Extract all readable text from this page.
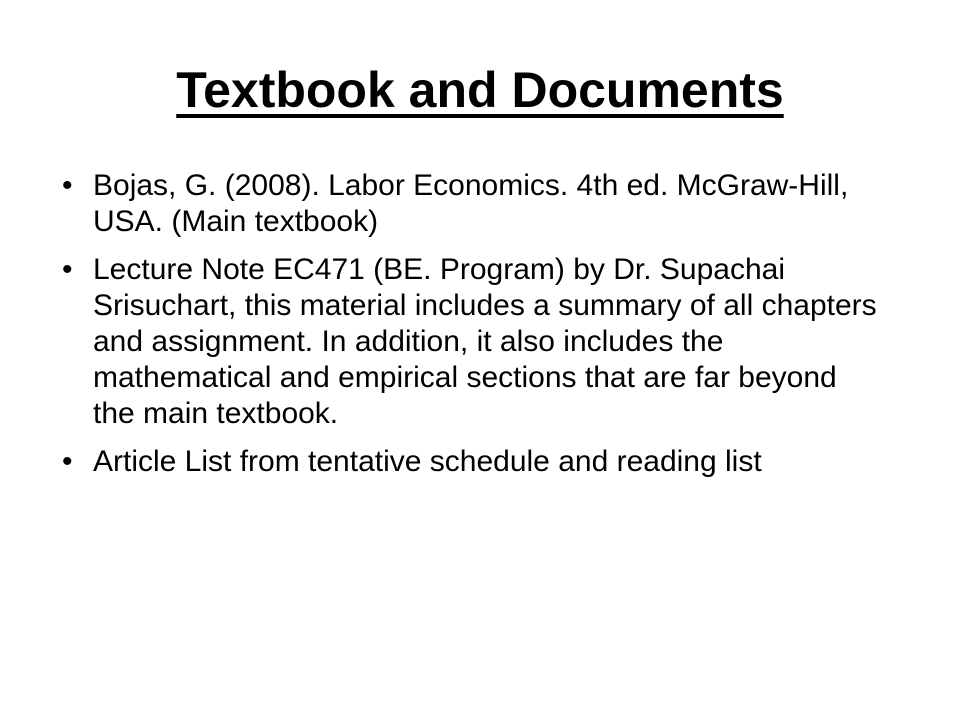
Textbook and Documents
• Bojas, G. (2008). Labor Economics. 4th ed. McGraw-Hill, USA. (Main textbook)
• Lecture Note EC471 (BE. Program) by Dr. Supachai Srisuchart, this material includes a summary of all chapters and assignment. In addition, it also includes the mathematical and empirical sections that are far beyond the main textbook.
• Article List from tentative schedule and reading list
